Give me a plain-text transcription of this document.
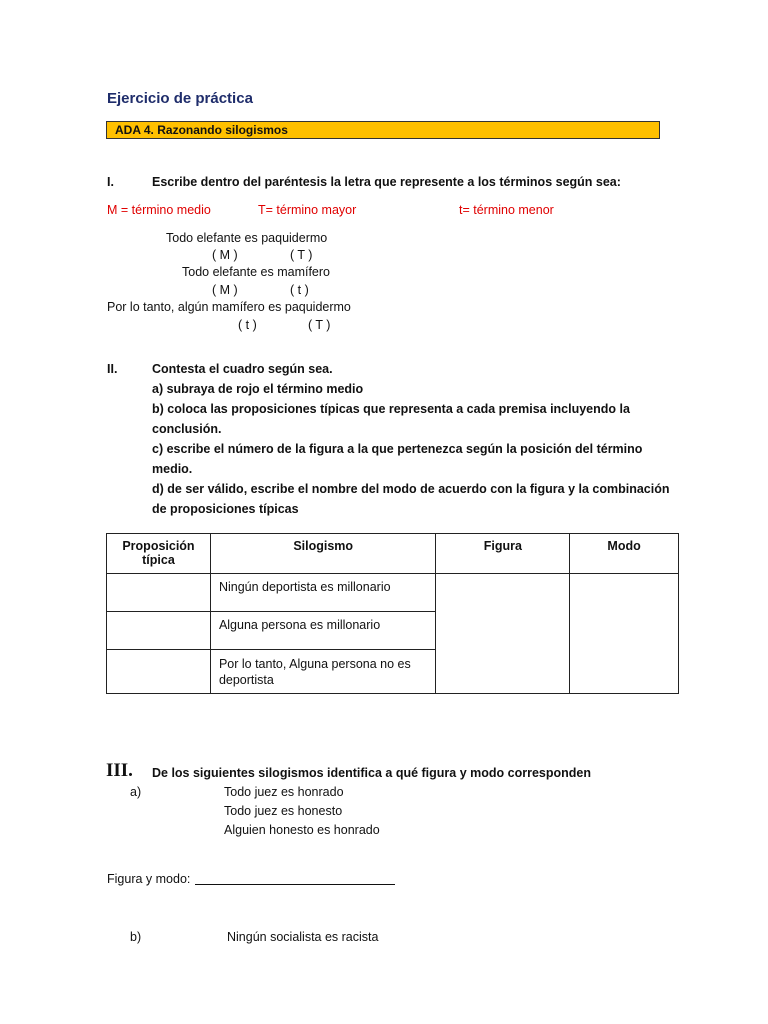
Ejercicio de práctica
ADA 4. Razonando silogismos
I.	Escribe dentro del paréntesis la letra que represente a los términos según sea:
M = término medio	T= término mayor	t= término menor
Todo elefante es paquidermo
( M )	( T )
Todo elefante es mamífero
( M )	( t )
Por lo tanto, algún mamífero es paquidermo
( t )	( T )
II.	Contesta el cuadro según sea.
a) subraya de rojo el término medio
b) coloca las proposiciones típicas que representa a cada premisa incluyendo la
conclusión.
c) escribe el número de la figura a la que pertenezca según la posición del término
medio.
d) de ser válido, escribe el nombre del modo de acuerdo con la figura y la combinación
de proposiciones típicas
Proposición típica	Silogismo	Figura	Modo
	Ningún deportista es millonario		
	Alguna persona es millonario		
	Por lo tanto, Alguna persona no es deportista		
III. De los siguientes silogismos identifica a qué figura y modo corresponden
a)	Todo juez es honrado
Todo juez es honesto
Alguien honesto es honrado
Figura y modo:
b)	Ningún socialista es racista
